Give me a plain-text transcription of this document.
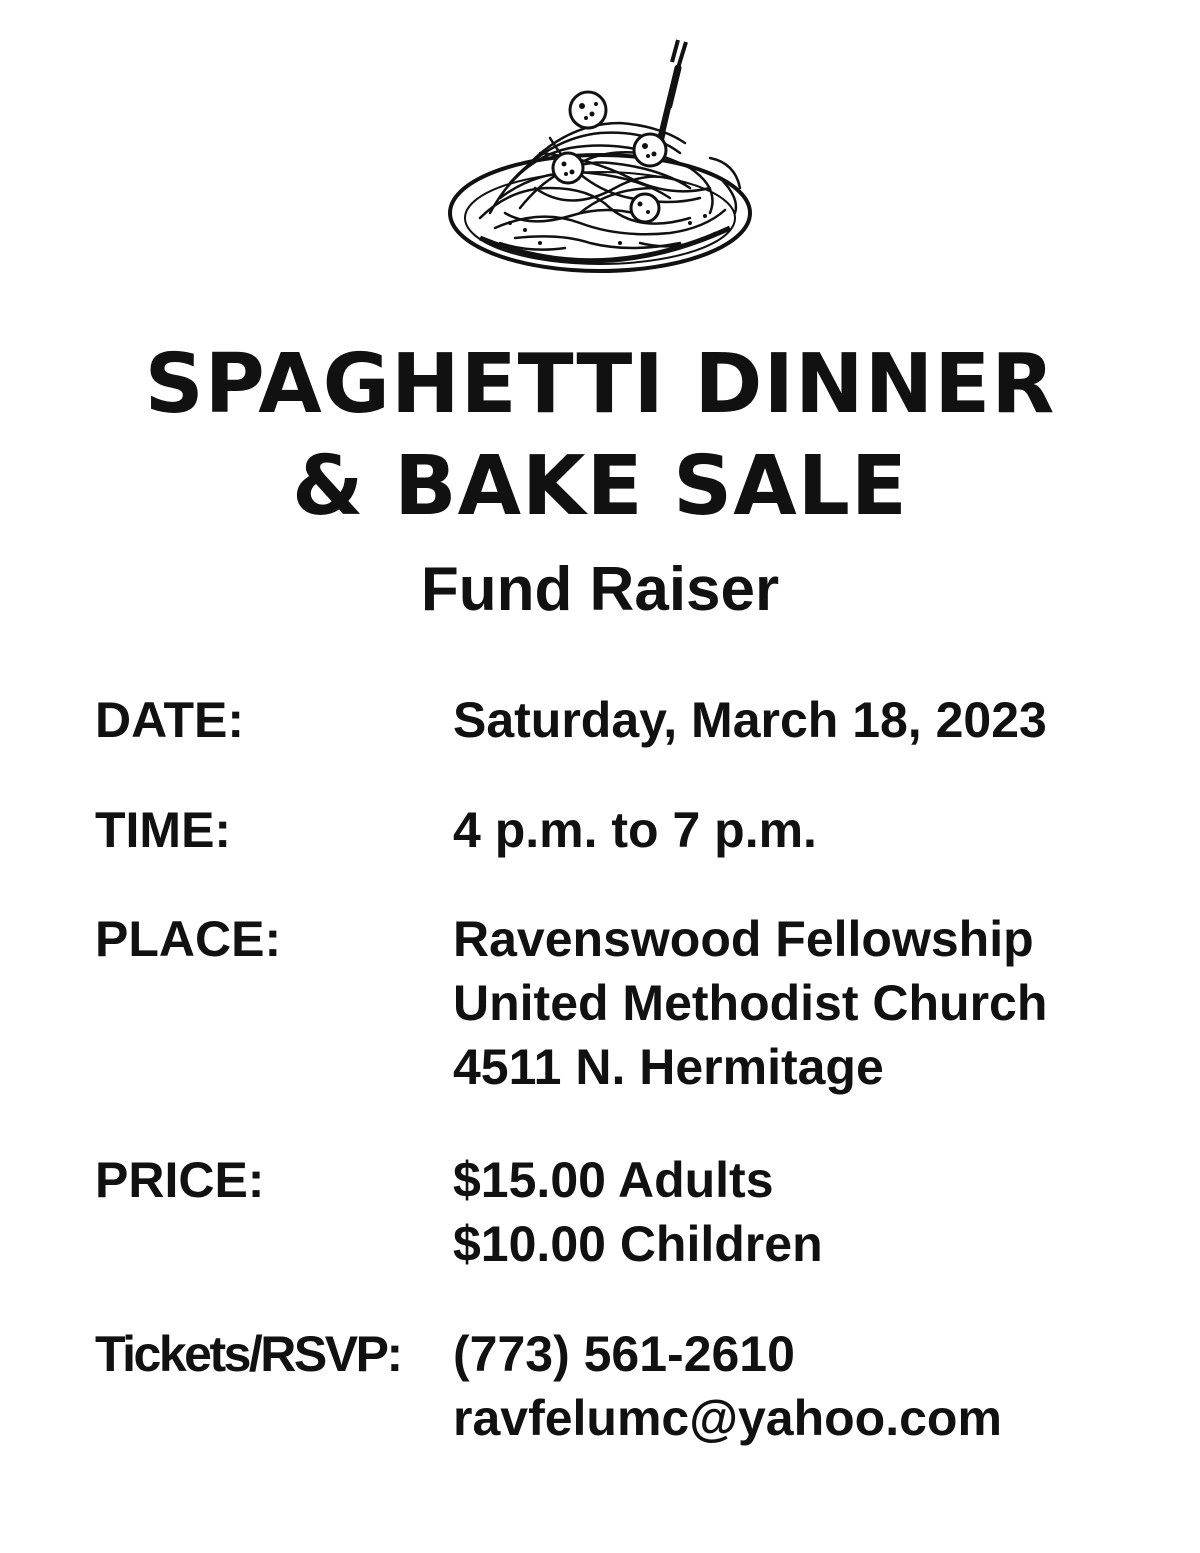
SPAGHETTI DINNER
& BAKE SALE
Fund Raiser
DATE:	Saturday, March 18, 2023
TIME:	4 p.m. to 7 p.m.
PLACE:	Ravenswood Fellowship
United Methodist Church
4511 N. Hermitage
PRICE:	$15.00 Adults
$10.00 Children
Tickets/RSVP: (773) 561-2610
ravfelumc@yahoo.com
